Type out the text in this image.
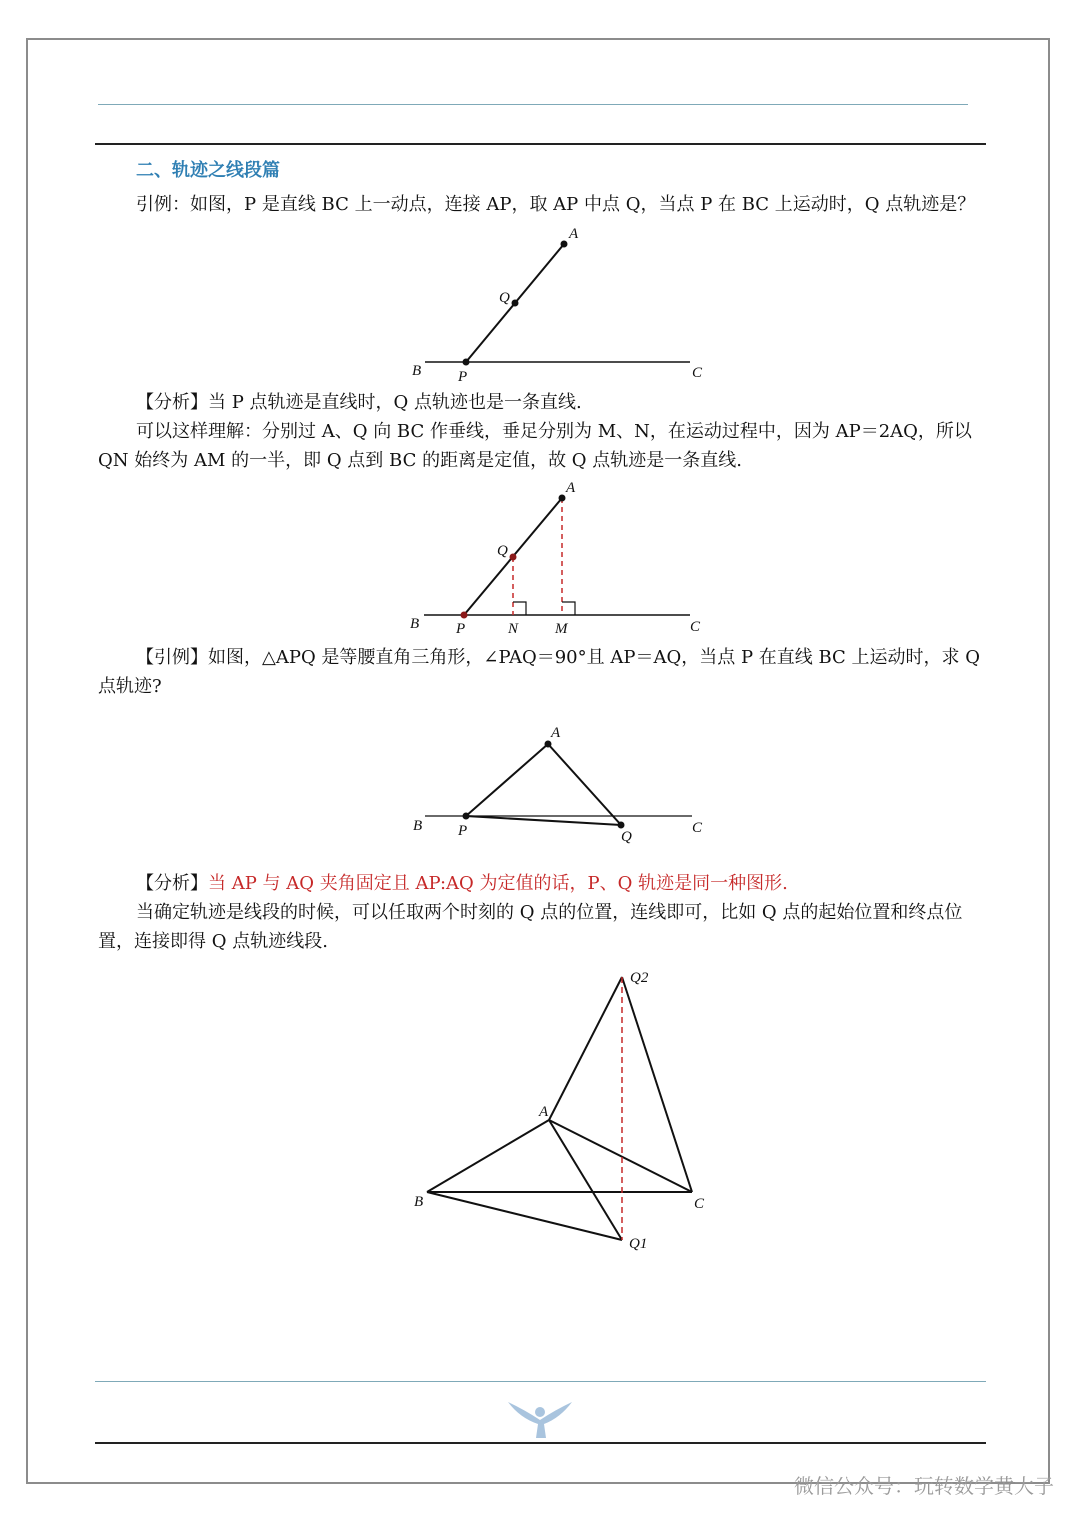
二、轨迹之线段篇

引例：如图，P 是直线 BC 上一动点，连接 AP，取 AP 中点 Q，当点 P 在 BC 上运动时，Q 点轨迹是？

【分析】当 P 点轨迹是直线时，Q 点轨迹也是一条直线.

可以这样理解：分别过 A、Q 向 BC 作垂线，垂足分别为 M、N，在运动过程中，因为 AP＝2AQ，所以 QN 始终为 AM 的一半，即 Q 点到 BC 的距离是定值，故 Q 点轨迹是一条直线.

【引例】如图，△APQ 是等腰直角三角形，∠PAQ＝90°且 AP＝AQ，当点 P 在直线 BC 上运动时，求 Q 点轨迹?

【分析】当 AP 与 AQ 夹角固定且 AP:AQ 为定值的话，P、Q 轨迹是同一种图形.

当确定轨迹是线段的时候，可以任取两个时刻的 Q 点的位置，连线即可，比如 Q 点的起始位置和终点位置，连接即得 Q 点轨迹线段.

A
Q
B P	C
A
Q
B P	N M	C
A
B P	Q
C
Q2
A
B	C
Q1
微信公众号：玩转数学黄大子
